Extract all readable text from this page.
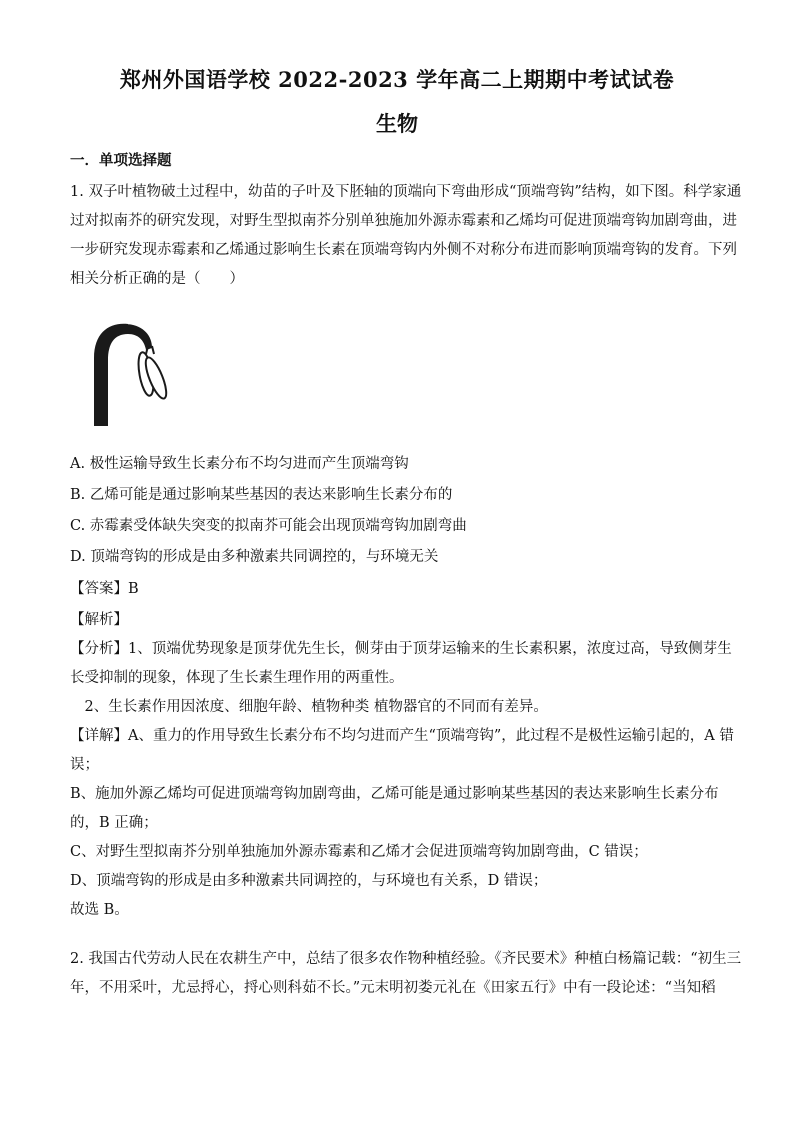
郑州外国语学校 2022-2023 学年高二上期期中考试试卷
生物
一．单项选择题
1. 双子叶植物破土过程中，幼苗的子叶及下胚轴的顶端向下弯曲形成“顶端弯钩”结构，如下图。科学家通
过对拟南芥的研究发现，对野生型拟南芥分别单独施加外源赤霉素和乙烯均可促进顶端弯钩加剧弯曲，进
一步研究发现赤霉素和乙烯通过影响生长素在顶端弯钩内外侧不对称分布进而影响顶端弯钩的发育。下列
相关分析正确的是（　　）
A. 极性运输导致生长素分布不均匀进而产生顶端弯钩
B. 乙烯可能是通过影响某些基因的表达来影响生长素分布的
C. 赤霉素受体缺失突变的拟南芥可能会出现顶端弯钩加剧弯曲
D. 顶端弯钩的形成是由多种激素共同调控的，与环境无关
【答案】B
【解析】
【分析】1、顶端优势现象是顶芽优先生长，侧芽由于顶芽运输来的生长素积累，浓度过高，导致侧芽生
长受抑制的现象，体现了生长素生理作用的两重性。
　2、生长素作用因浓度、细胞年龄、植物种类 植物器官的不同而有差异。
【详解】A、重力的作用导致生长素分布不均匀进而产生“顶端弯钩”，此过程不是极性运输引起的，A 错
误；
B、施加外源乙烯均可促进顶端弯钩加剧弯曲，乙烯可能是通过影响某些基因的表达来影响生长素分布
的，B 正确；
C、对野生型拟南芥分别单独施加外源赤霉素和乙烯才会促进顶端弯钩加剧弯曲，C 错误；
D、顶端弯钩的形成是由多种激素共同调控的，与环境也有关系，D 错误；
故选 B。
2. 我国古代劳动人民在农耕生产中，总结了很多农作物种植经验。《齐民要术》种植白杨篇记载：“初生三
年，不用采叶，尤忌捋心，捋心则科茹不长。”元末明初娄元礼在《田家五行》中有一段论述：“当知稻
